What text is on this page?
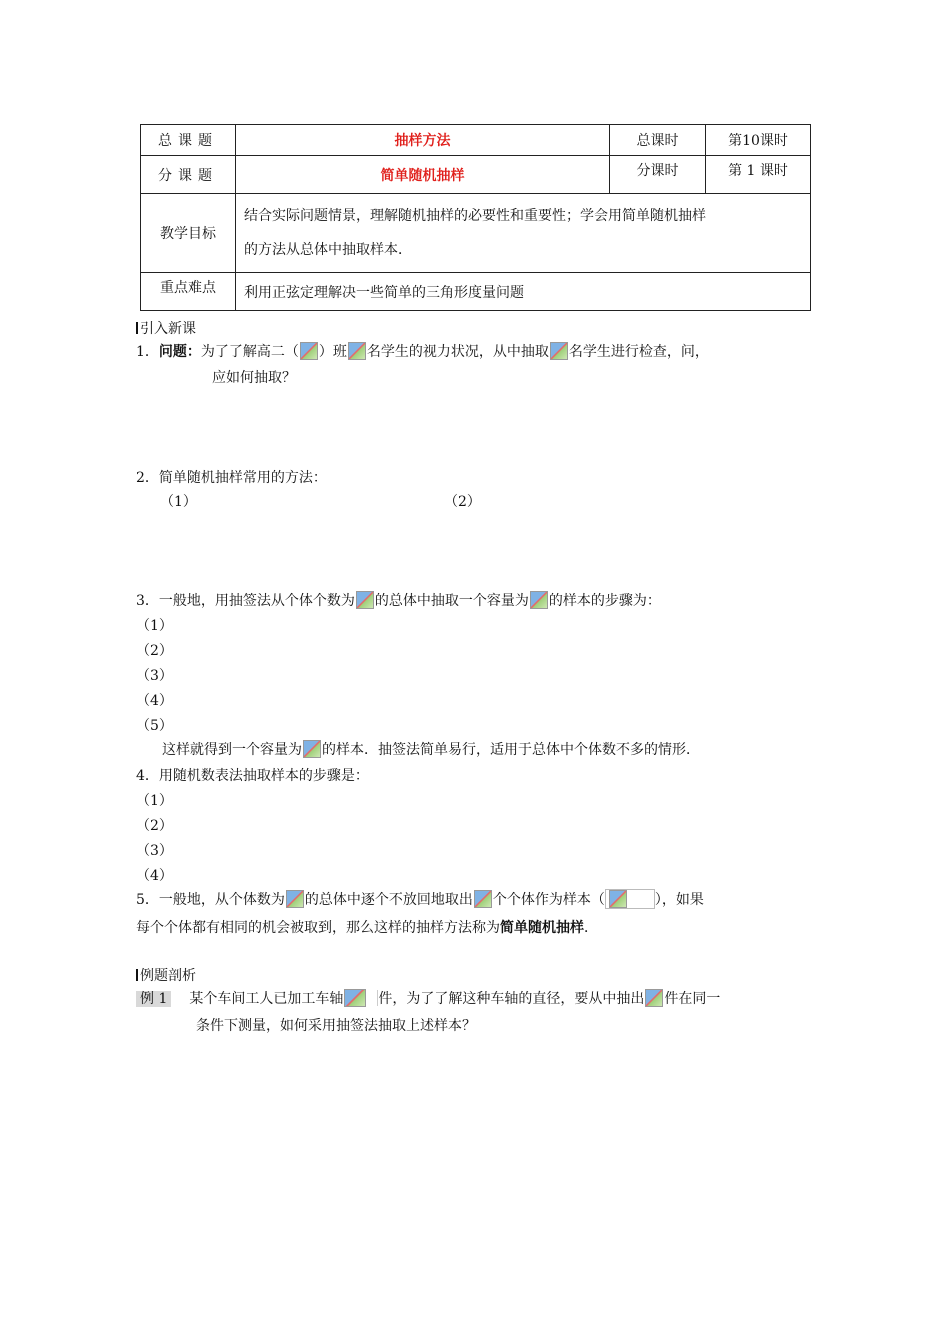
总课题	抽样方法	总课时	第10课时
分课题	简单随机抽样	分课时	第 1 课时
教学目标	结合实际问题情景，理解随机抽样的必要性和重要性；学会用简单随机抽样
的方法从总体中抽取样本．		

重点难点	利用正弦定理解决一些简单的三角形度量问题		
引入新课
1．问题：为了了解高二（ ）班 名学生的视力状况，从中抽取 名学生进行检查，问，
应如何抽取？
2．简单随机抽样常用的方法：
（1）	（2）
3．一般地，用抽签法从个体个数为 的总体中抽取一个容量为 的样本的步骤为：
（1）
（2）
（3）
（4）
（5）
这样就得到一个容量为 的样本．抽签法简单易行，适用于总体中个体数不多的情形．
4．用随机数表法抽取样本的步骤是：
（1）
（2）
（3）
（4）
5．一般地，从个体数为 的总体中逐个不放回地取出 个个体作为样本（	），如果
每个个体都有相同的机会被取到，那么这样的抽样方法称为简单随机抽样．
例题剖析
例 1 某个车间工人已加工车轴	件，为了了解这种车轴的直径，要从中抽出 件在同一
条件下测量，如何采用抽签法抽取上述样本？
